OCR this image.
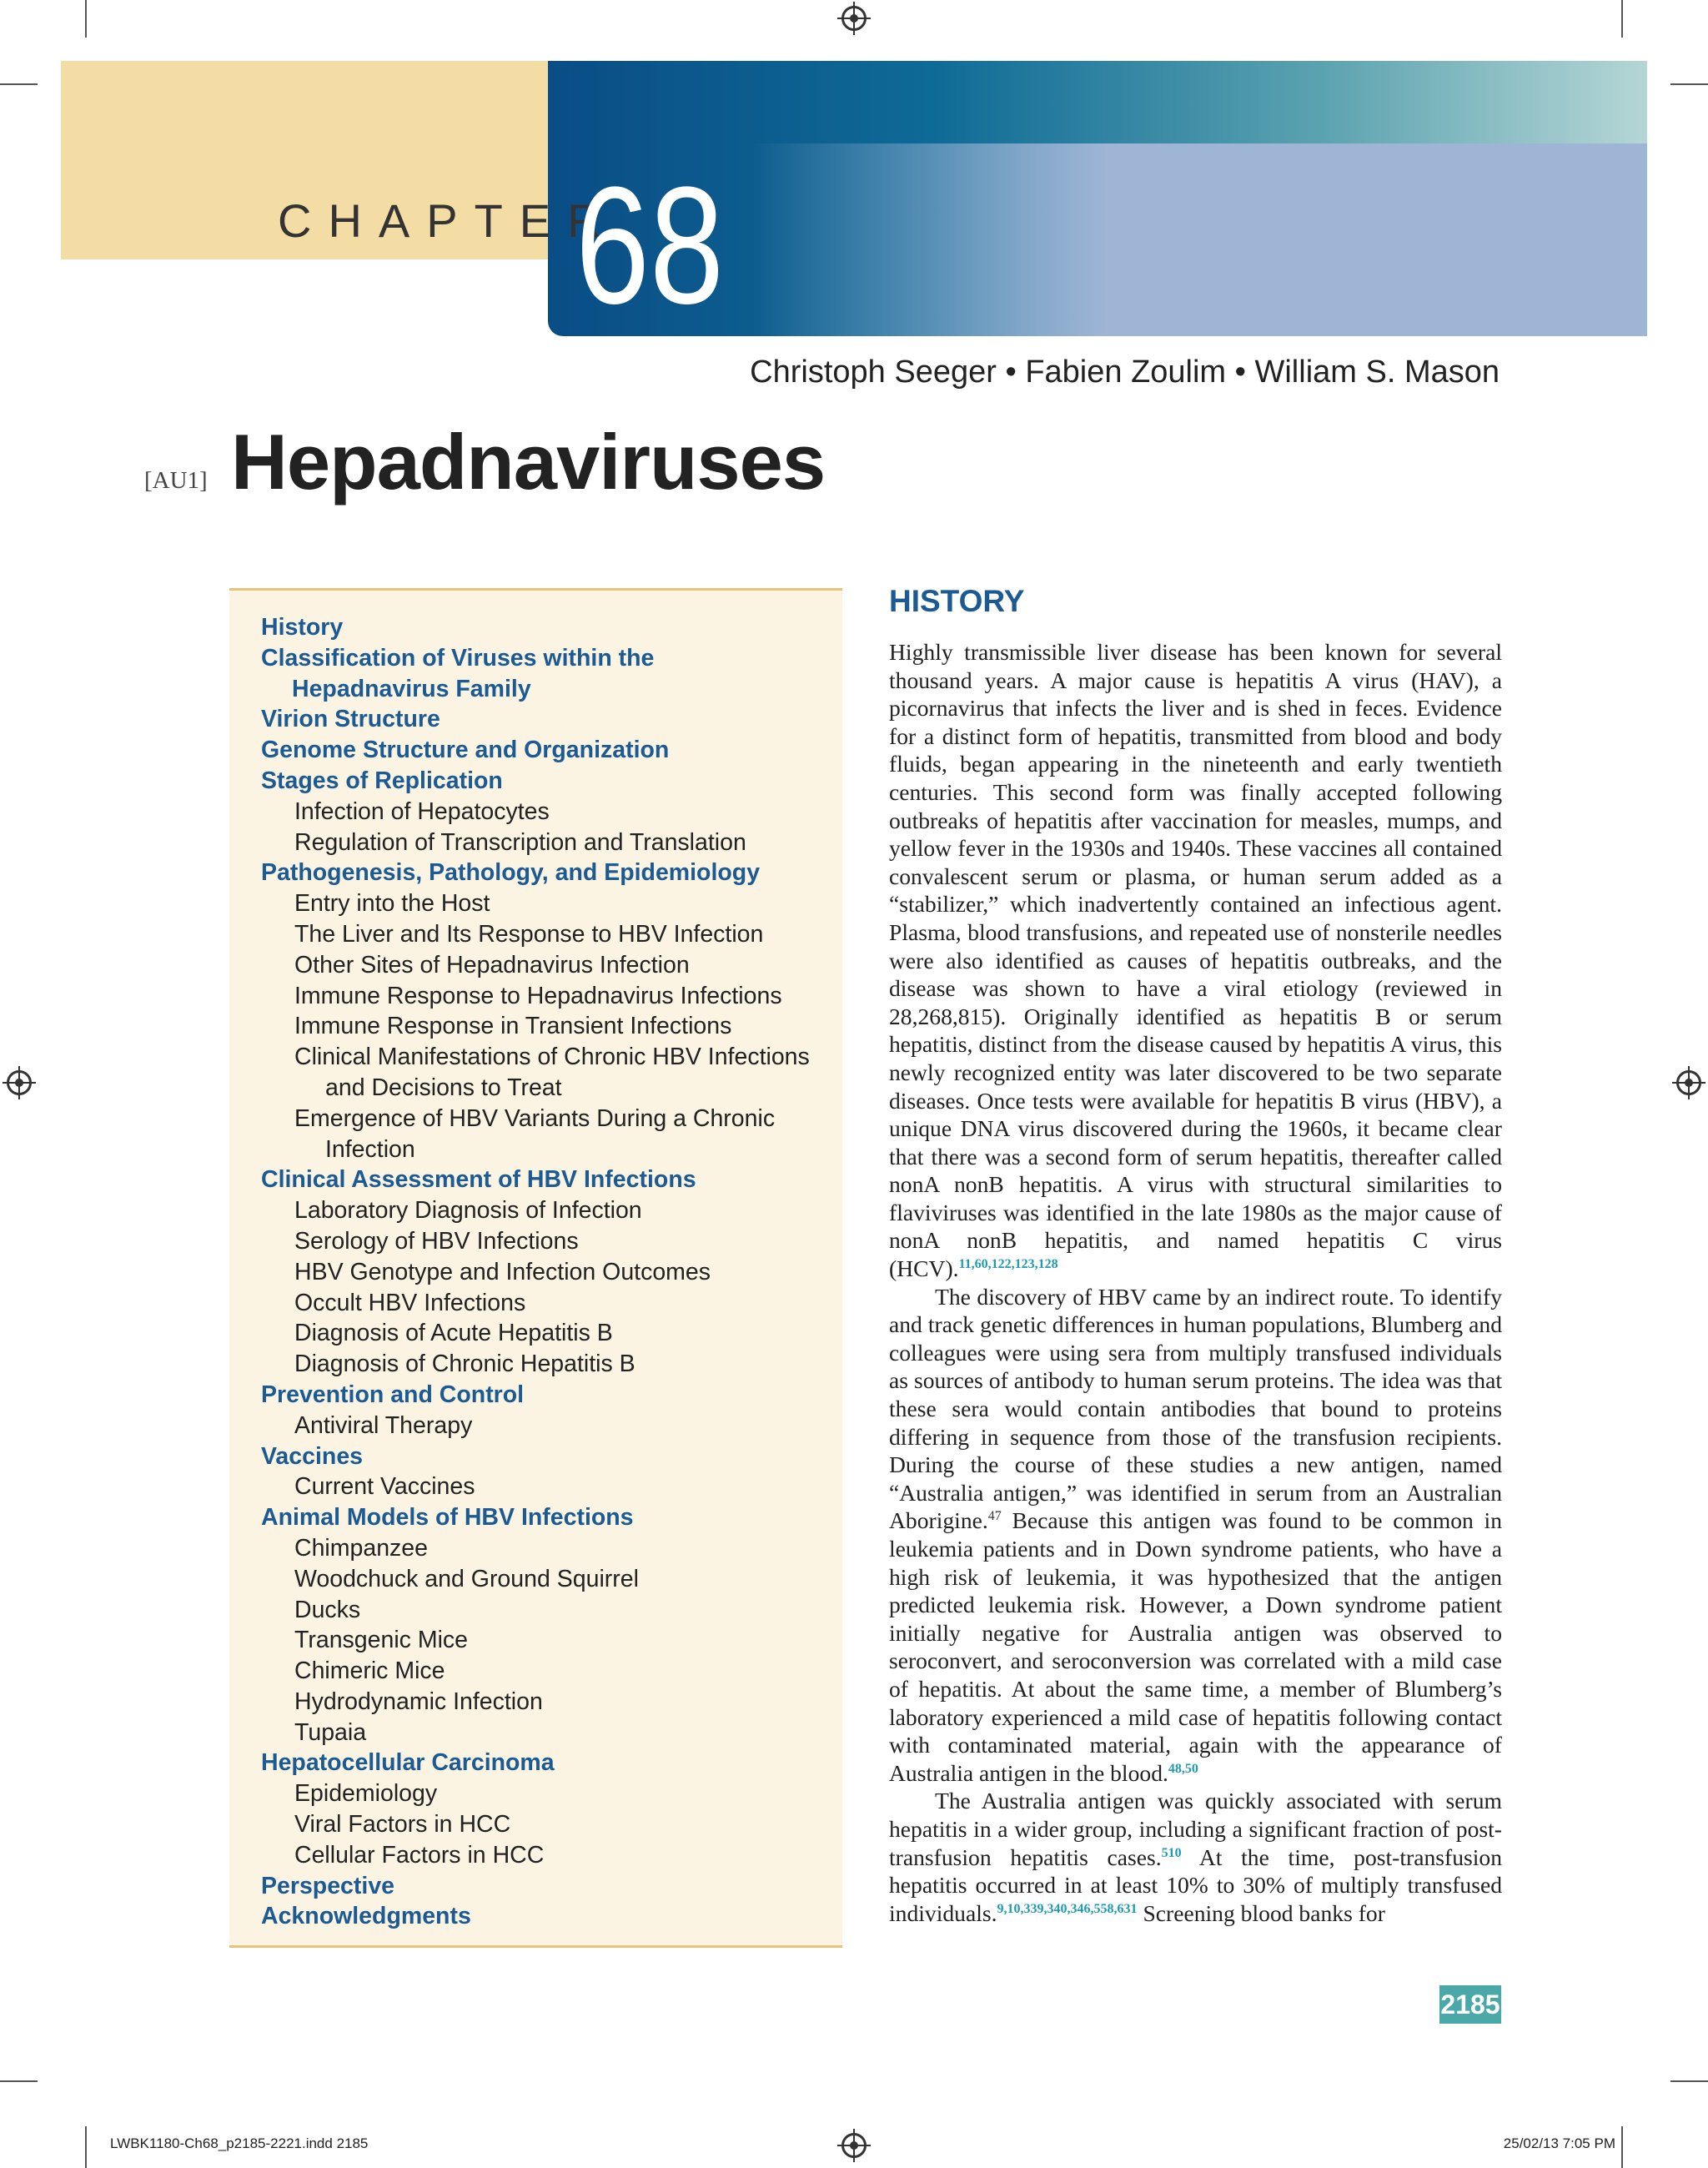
CHAPTER
68
Christoph Seeger • Fabien Zoulim • William S. Mason
[AU1] Hepadnaviruses
History
Classification of Viruses within the
Hepadnavirus Family
Virion Structure
Genome Structure and Organization
Stages of Replication
Infection of Hepatocytes
Regulation of Transcription and Translation
Pathogenesis, Pathology, and Epidemiology
Entry into the Host
The Liver and Its Response to HBV Infection
Other Sites of Hepadnavirus Infection
Immune Response to Hepadnavirus Infections
Immune Response in Transient Infections
Clinical Manifestations of Chronic HBV Infections
and Decisions to Treat
Emergence of HBV Variants During a Chronic
Infection
Clinical Assessment of HBV Infections
Laboratory Diagnosis of Infection
Serology of HBV Infections
HBV Genotype and Infection Outcomes
Occult HBV Infections
Diagnosis of Acute Hepatitis B
Diagnosis of Chronic Hepatitis B
Prevention and Control
Antiviral Therapy
Vaccines
Current Vaccines
Animal Models of HBV Infections
Chimpanzee
Woodchuck and Ground Squirrel
Ducks
Transgenic Mice
Chimeric Mice
Hydrodynamic Infection
Tupaia
Hepatocellular Carcinoma
Epidemiology
Viral Factors in HCC
Cellular Factors in HCC
Perspective
Acknowledgments
HISTORY

Highly transmissible liver disease has been known for several thousand years. A major cause is hepatitis A virus (HAV), a picornavirus that infects the liver and is shed in feces. Evidence for a distinct form of hepatitis, transmitted from blood and body fluids, began appearing in the nineteenth and early twentieth centuries. This second form was finally accepted following outbreaks of hepatitis after vaccination for measles, mumps, and yellow fever in the 1930s and 1940s. These vaccines all contained convalescent serum or plasma, or human serum added as a “stabilizer,” which inadvertently contained an infectious agent. Plasma, blood transfusions, and repeated use of nonsterile needles were also identified as causes of hepatitis outbreaks, and the disease was shown to have a viral etiology (reviewed in 28,268,815). Originally identified as hepatitis B or serum hepatitis, distinct from the disease caused by hepatitis A virus, this newly recognized entity was later discovered to be two separate diseases. Once tests were available for hepatitis B virus (HBV), a unique DNA virus discovered during the 1960s, it became clear that there was a second form of serum hepatitis, thereafter called nonA nonB hepatitis. A virus with structural similarities to flaviviruses was identified in the late 1980s as the major cause of nonA nonB hepatitis, and named hepatitis C virus (HCV).$^{11,60,122,123,128}$

The discovery of HBV came by an indirect route. To identify and track genetic differences in human populations, Blumberg and colleagues were using sera from multiply transfused individuals as sources of antibody to human serum proteins. The idea was that these sera would contain antibodies that bound to proteins differing in sequence from those of the transfusion recipients. During the course of these studies a new antigen, named “Australia antigen,” was identified in serum from an Australian Aborigine.$^{47}$ Because this antigen was found to be common in leukemia patients and in Down syndrome patients, who have a high risk of leukemia, it was hypothesized that the antigen predicted leukemia risk. However, a Down syndrome patient initially negative for Australia antigen was observed to seroconvert, and seroconversion was correlated with a mild case of hepatitis. At about the same time, a member of Blumberg’s laboratory experienced a mild case of hepatitis following contact with contaminated material, again with the appearance of Australia antigen in the blood.$^{48,50}$

The Australia antigen was quickly associated with serum hepatitis in a wider group, including a significant fraction of post-transfusion hepatitis cases.$^{510}$ At the time, post-transfusion hepatitis occurred in at least 10% to 30% of multiply transfused individuals.$^{9,10,339,340,346,558,631}$ Screening blood banks for

2185
LWBK1180-Ch68_p2185-2221.indd 2185	25/02/13 7:05 PM
